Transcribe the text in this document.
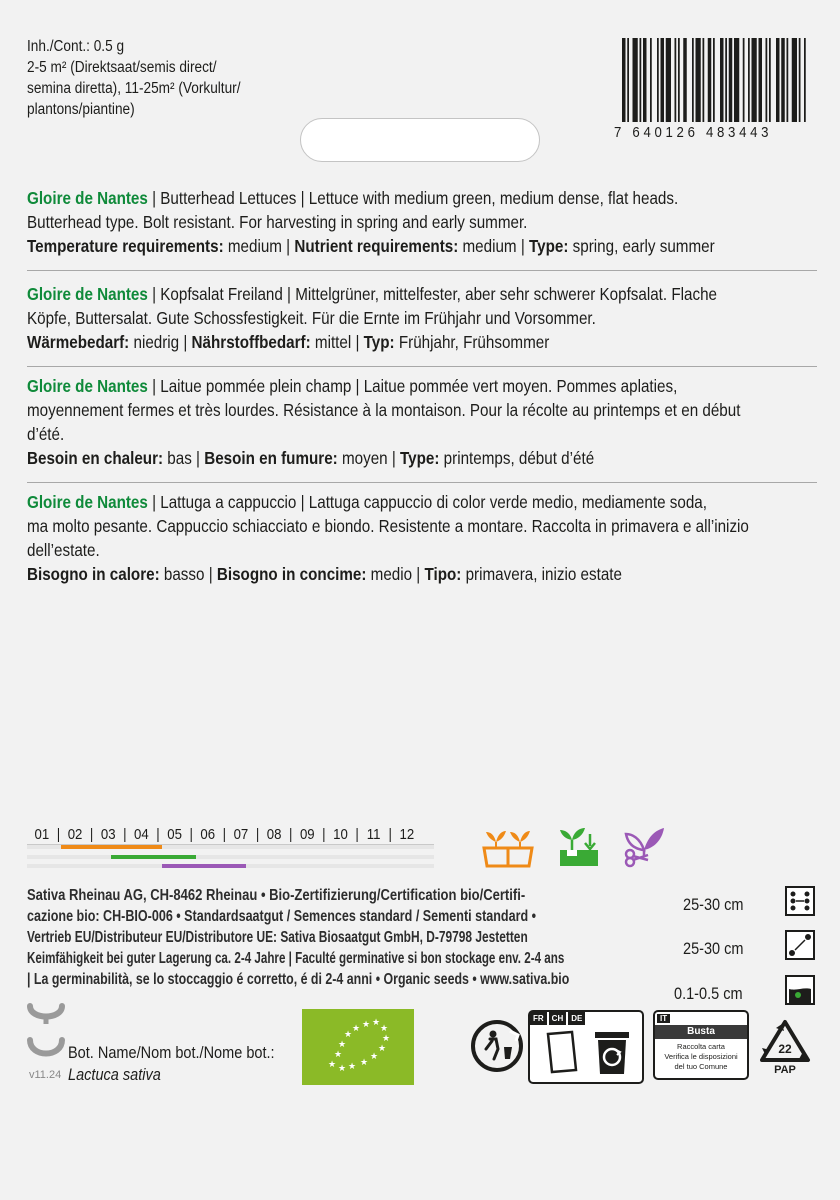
Inh./Cont.: 0.5 g
2-5 m² (Direktsaat/semis direct/
semina diretta), 11-25m² (Vorkultur/
plantons/piantine)
7 640126 483443
Gloire de Nantes | Butterhead Lettuces | Lettuce with medium green, medium dense, flat heads.
Butterhead type. Bolt resistant. For harvesting in spring and early summer.
Temperature requirements: medium | Nutrient requirements: medium | Type: spring, early summer
Gloire de Nantes | Kopfsalat Freiland | Mittelgrüner, mittelfester, aber sehr schwerer Kopfsalat. Flache
Köpfe, Buttersalat. Gute Schossfestigkeit. Für die Ernte im Frühjahr und Vorsommer.
Wärmebedarf: niedrig | Nährstoffbedarf: mittel | Typ: Frühjahr, Frühsommer
Gloire de Nantes | Laitue pommée plein champ | Laitue pommée vert moyen. Pommes aplaties,
moyennement fermes et très lourdes. Résistance à la montaison. Pour la récolte au printemps et en début
d’été.
Besoin en chaleur: bas | Besoin en fumure: moyen | Type: printemps, début d’été
Gloire de Nantes | Lattuga a cappuccio | Lattuga cappuccio di color verde medio, mediamente soda,
ma molto pesante. Cappuccio schiacciato e biondo. Resistente a montare. Raccolta in primavera e all’inizio
dell’estate.
Bisogno in calore: basso | Bisogno in concime: medio | Tipo: primavera, inizio estate
01 | 02 | 03 | 04 | 05 | 06 | 07 | 08 | 09 | 10 | 11 | 12
Sativa Rheinau AG, CH-8462 Rheinau • Bio-Zertifizierung/Certification bio/Certifi-
cazione bio: CH-BIO-006 • Standardsaatgut / Semences standard / Sementi standard •
Vertrieb EU/Distributeur EU/Distributore UE: Sativa Biosaatgut GmbH, D-79798 Jestetten
Keimfähigkeit bei guter Lagerung ca. 2-4 Jahre | Faculté germinative si bon stockage env. 2-4 ans
| La germinabilità, se lo stoccaggio é corretto, é di 2-4 anni • Organic seeds • www.sativa.bio
25-30 cm
25-30 cm
0.1-0.5 cm
Bot. Name/Nom bot./Nome bot.:
Lactuca sativa
v11.24
★
★
★
★
★ ★ ★
★
★
★
★
★
★
★
FR	CH	DE	IT
Busta
Raccolta carta
Verifica le disposizioni
del tuo Comune
22
PAP
